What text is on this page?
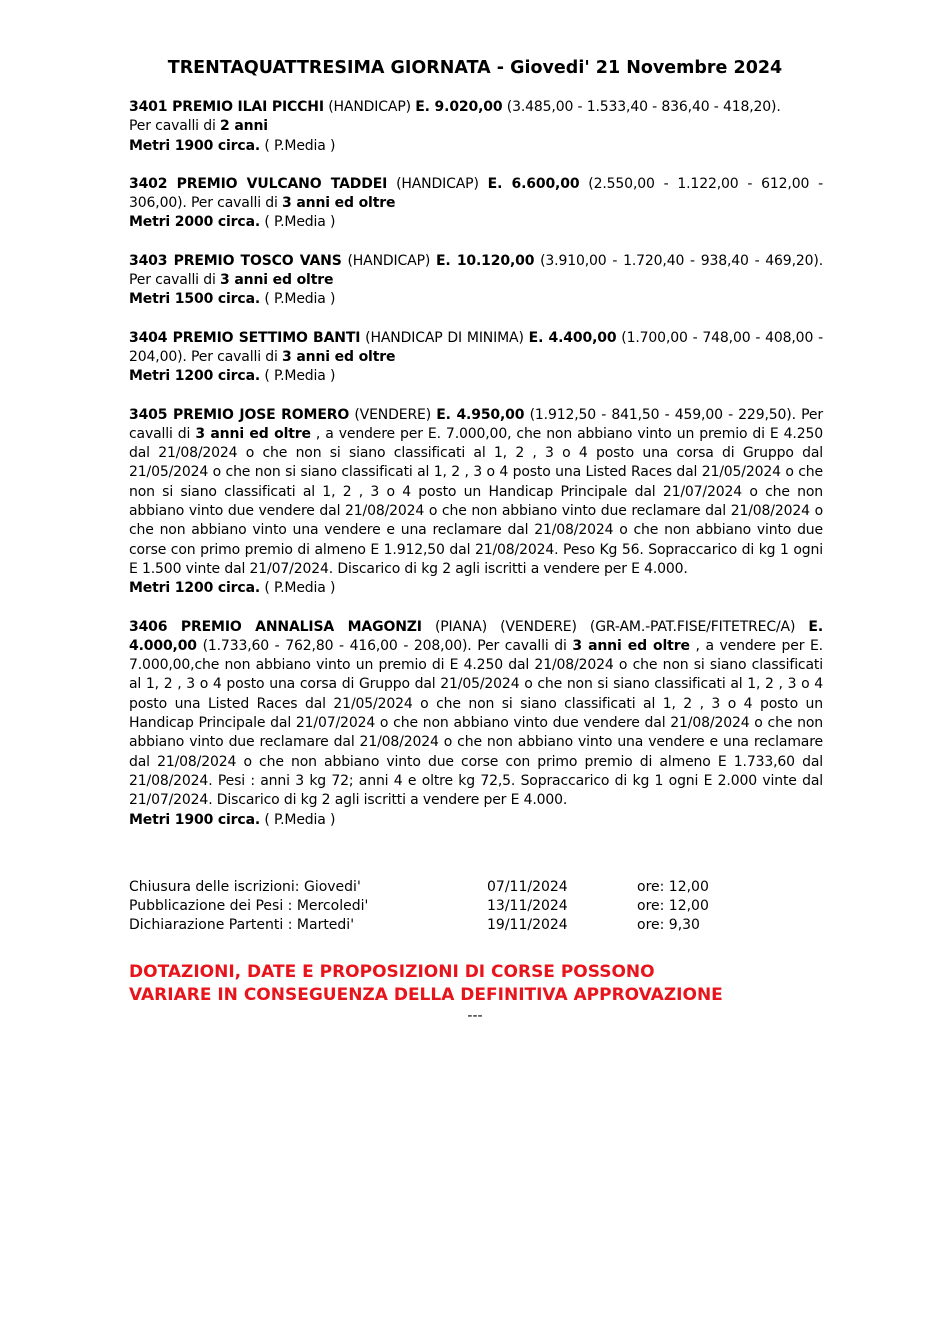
TRENTAQUATTRESIMA GIORNATA - Giovedi' 21 Novembre 2024
3401 PREMIO ILAI PICCHI (HANDICAP) E. 9.020,00 (3.485,00 - 1.533,40 - 836,40 - 418,20).
Per cavalli di 2 anni
Metri 1900 circa. ( P.Media )
3402 PREMIO VULCANO TADDEI (HANDICAP) E. 6.600,00 (2.550,00 - 1.122,00 - 612,00 - 306,00). Per cavalli di 3 anni ed oltre
Metri 2000 circa. ( P.Media )
3403 PREMIO TOSCO VANS (HANDICAP) E. 10.120,00 (3.910,00 - 1.720,40 - 938,40 - 469,20). Per cavalli di 3 anni ed oltre
Metri 1500 circa. ( P.Media )
3404 PREMIO SETTIMO BANTI (HANDICAP DI MINIMA) E. 4.400,00 (1.700,00 - 748,00 - 408,00 - 204,00). Per cavalli di 3 anni ed oltre
Metri 1200 circa. ( P.Media )
3405 PREMIO JOSE ROMERO (VENDERE) E. 4.950,00 (1.912,50 - 841,50 - 459,00 - 229,50). Per cavalli di 3 anni ed oltre , a vendere per E. 7.000,00, che non abbiano vinto un premio di E 4.250 dal 21/08/2024 o che non si siano classificati al 1, 2 , 3 o 4 posto una corsa di Gruppo dal 21/05/2024 o che non si siano classificati al 1, 2 , 3 o 4 posto una Listed Races dal 21/05/2024 o che non si siano classificati al 1, 2 , 3 o 4 posto un Handicap Principale dal 21/07/2024 o che non abbiano vinto due vendere dal 21/08/2024 o che non abbiano vinto due reclamare dal 21/08/2024 o che non abbiano vinto una vendere e una reclamare dal 21/08/2024 o che non abbiano vinto due corse con primo premio di almeno E 1.912,50 dal 21/08/2024. Peso Kg 56. Sopraccarico di kg 1 ogni E 1.500 vinte dal 21/07/2024. Discarico di kg 2 agli iscritti a vendere per E 4.000.
Metri 1200 circa. ( P.Media )
3406 PREMIO ANNALISA MAGONZI (PIANA) (VENDERE) (GR-AM.-PAT.FISE/FITETREC/A) E. 4.000,00 (1.733,60 - 762,80 - 416,00 - 208,00). Per cavalli di 3 anni ed oltre , a vendere per E. 7.000,00,che non abbiano vinto un premio di E 4.250 dal 21/08/2024 o che non si siano classificati al 1, 2 , 3 o 4 posto una corsa di Gruppo dal 21/05/2024 o che non si siano classificati al 1, 2 , 3 o 4 posto una Listed Races dal 21/05/2024 o che non si siano classificati al 1, 2 , 3 o 4 posto un Handicap Principale dal 21/07/2024 o che non abbiano vinto due vendere dal 21/08/2024 o che non abbiano vinto due reclamare dal 21/08/2024 o che non abbiano vinto una vendere e una reclamare dal 21/08/2024 o che non abbiano vinto due corse con primo premio di almeno E 1.733,60 dal 21/08/2024. Pesi : anni 3 kg 72; anni 4 e oltre kg 72,5. Sopraccarico di kg 1 ogni E 2.000 vinte dal 21/07/2024. Discarico di kg 2 agli iscritti a vendere per E 4.000.
Metri 1900 circa. ( P.Media )
Chiusura delle iscrizioni: Giovedi'	07/11/2024	ore: 12,00
Pubblicazione dei Pesi : Mercoledi'	13/11/2024	ore: 12,00
Dichiarazione Partenti : Martedi'	19/11/2024	ore: 9,30
DOTAZIONI, DATE E PROPOSIZIONI DI CORSE POSSONO
VARIARE IN CONSEGUENZA DELLA DEFINITIVA APPROVAZIONE
---
